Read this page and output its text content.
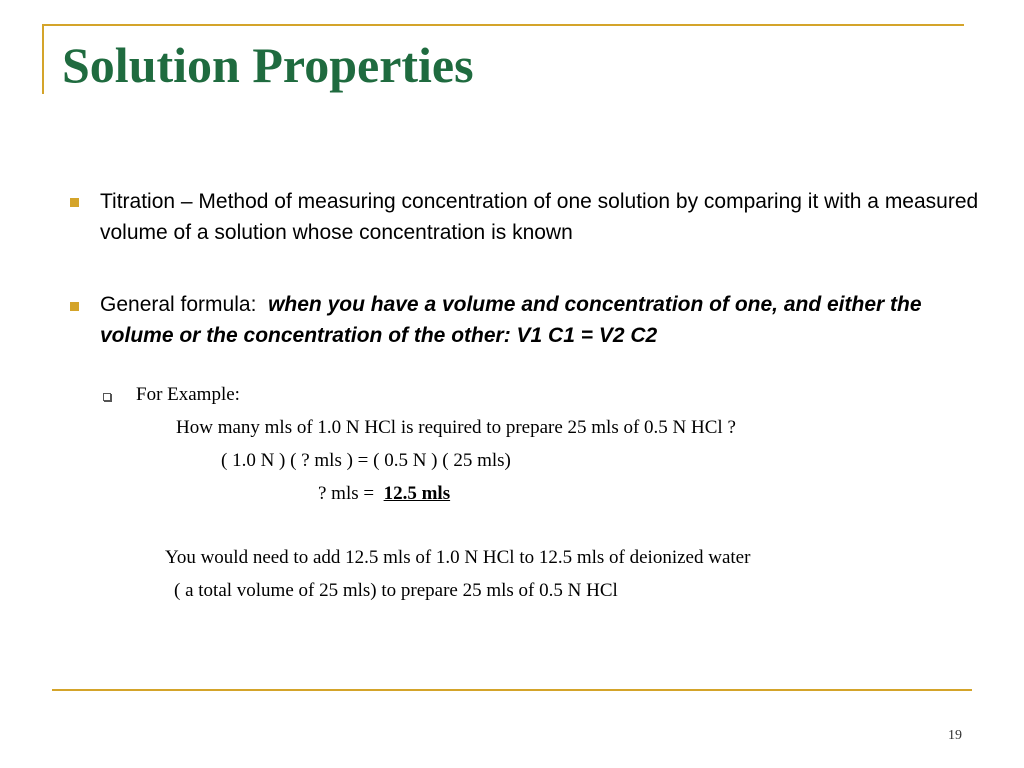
Solution Properties
Titration – Method of measuring concentration of one solution by comparing it with a measured volume of a solution whose concentration is known
General formula: when you have a volume and concentration of one, and either the volume or the concentration of the other: V1 C1 = V2 C2
For Example:
How many mls of 1.0 N HCl is required to prepare 25 mls of 0.5 N HCl ?
( 1.0 N ) ( ? mls ) = ( 0.5 N ) ( 25 mls)
? mls = 12.5 mls
You would need to add 12.5 mls of 1.0 N HCl to 12.5 mls of deionized water
( a total volume of 25 mls) to prepare 25 mls of 0.5 N HCl
19
